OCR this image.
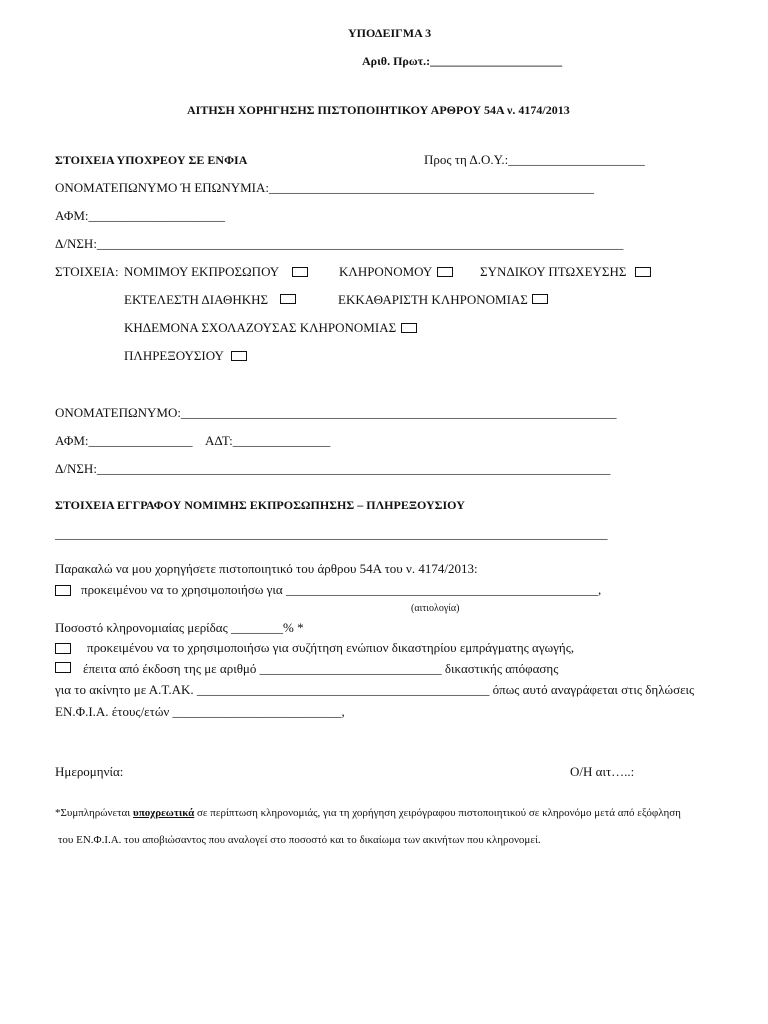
ΥΠΟΔΕΙΓΜΑ 3
Αριθ. Πρωτ.:______________________
ΑΙΤΗΣΗ ΧΟΡΗΓΗΣΗΣ ΠΙΣΤΟΠΟΙΗΤΙΚΟΥ ΑΡΘΡΟΥ 54Α ν. 4174/2013
ΣΤΟΙΧΕΙΑ ΥΠΟΧΡΕΟΥ ΣΕ ΕΝΦΙΑ	Προς τη Δ.Ο.Υ.:_____________________
ΟΝΟΜΑΤΕΠΩΝΥΜΟ Ή ΕΠΩΝΥΜΙΑ:__________________________________________________
ΑΦΜ:_____________________
Δ/ΝΣΗ:_________________________________________________________________________________
ΣΤΟΙΧΕΙΑ: ΝΟΜΙΜΟΥ ΕΚΠΡΟΣΩΠΟΥ	ΚΛΗΡΟΝΟΜΟΥ	ΣΥΝΔΙΚΟΥ ΠΤΩΧΕΥΣΗΣ
ΕΚΤΕΛΕΣΤΗ ΔΙΑΘΗΚΗΣ	ΕΚΚΑΘΑΡΙΣΤΗ ΚΛΗΡΟΝΟΜΙΑΣ
ΚΗΔΕΜΟΝΑ ΣΧΟΛΑΖΟΥΣΑΣ ΚΛΗΡΟΝΟΜΙΑΣ
ΠΛΗΡΕΞΟΥΣΙΟΥ
ΟΝΟΜΑΤΕΠΩΝΥΜΟ:___________________________________________________________________
ΑΦΜ:________________ ΑΔΤ:_______________
Δ/ΝΣΗ:_______________________________________________________________________________
ΣΤΟΙΧΕΙΑ ΕΓΓΡΑΦΟΥ ΝΟΜΙΜΗΣ ΕΚΠΡΟΣΩΠΗΣΗΣ – ΠΛΗΡΕΞΟΥΣΙΟΥ
_____________________________________________________________________________________
Παρακαλώ να μου χορηγήσετε πιστοποιητικό του άρθρου 54Α του ν. 4174/2013:
προκειμένου να το χρησιμοποιήσω για ________________________________________________,
(αιτιολογία)
Ποσοστό κληρονομιαίας μερίδας ________% *
προκειμένου να το χρησιμοποιήσω για συζήτηση ενώπιον δικαστηρίου εμπράγματης αγωγής,
έπειτα από έκδοση της με αριθμό ____________________________ δικαστικής απόφασης
για το ακίνητο με Α.Τ.ΑΚ. _____________________________________________ όπως αυτό αναγράφεται στις δηλώσεις
ΕΝ.Φ.Ι.Α. έτους/ετών __________________________,
Ημερομηνία:	Ο/Η αιτ…..:
*Συμπληρώνεται υποχρεωτικά σε περίπτωση κληρονομιάς, για τη χορήγηση χειρόγραφου πιστοποιητικού σε κληρονόμο μετά από εξόφληση
του ΕΝ.Φ.Ι.Α. του αποβιώσαντος που αναλογεί στο ποσοστό και το δικαίωμα των ακινήτων που κληρονομεί.
